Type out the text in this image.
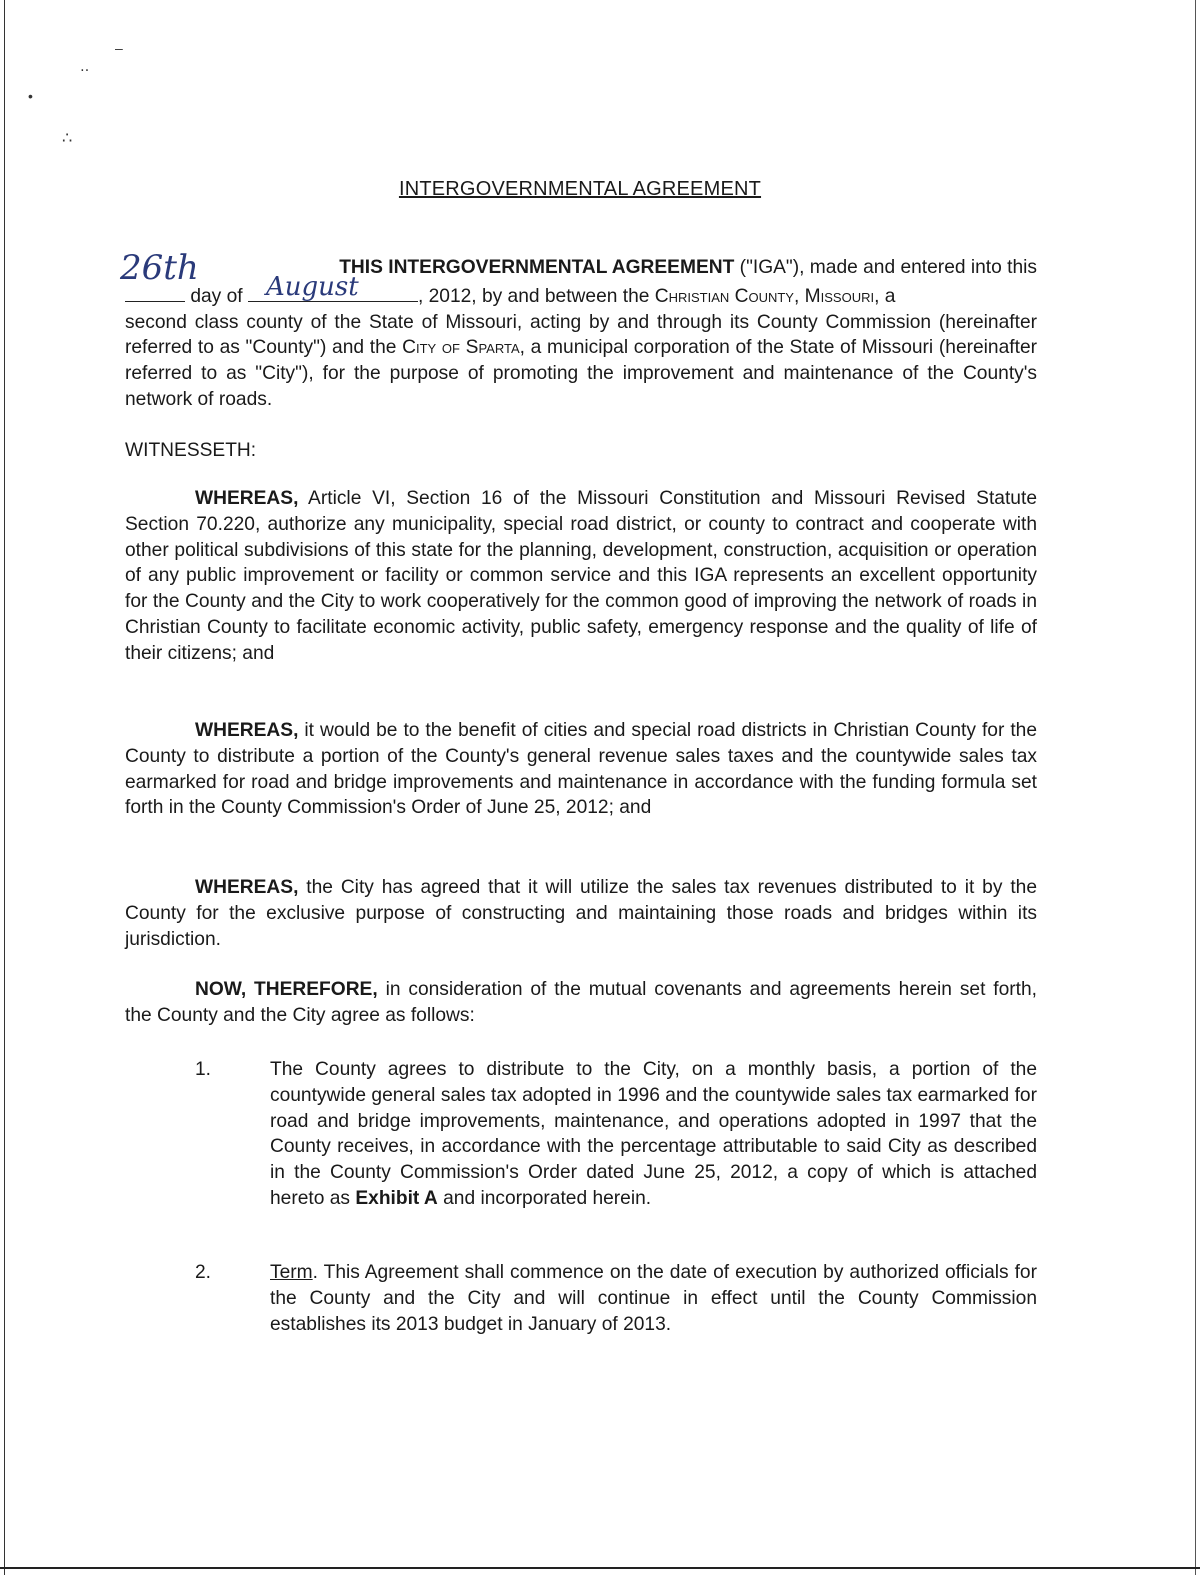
․․
–
•
∴
INTERGOVERNMENTAL AGREEMENT
26th	THIS INTERGOVERNMENTAL AGREEMENT ("IGA"), made and entered into this

day of August	, 2012, by and between the Christian County, Missouri, a

second class county of the State of Missouri, acting by and through its County Commission (hereinafter referred to as "County") and the City of Sparta, a municipal corporation of the State of Missouri (hereinafter referred to as "City"), for the purpose of promoting the improvement and maintenance of the County's network of roads.

WITNESSETH:

WHEREAS, Article VI, Section 16 of the Missouri Constitution and Missouri Revised Statute Section 70.220, authorize any municipality, special road district, or county to contract and cooperate with other political subdivisions of this state for the planning, development, construction, acquisition or operation of any public improvement or facility or common service and this IGA represents an excellent opportunity for the County and the City to work cooperatively for the common good of improving the network of roads in Christian County to facilitate economic activity, public safety, emergency response and the quality of life of their citizens; and

WHEREAS, it would be to the benefit of cities and special road districts in Christian County for the County to distribute a portion of the County's general revenue sales taxes and the countywide sales tax earmarked for road and bridge improvements and maintenance in accordance with the funding formula set forth in the County Commission's Order of June 25, 2012; and

WHEREAS, the City has agreed that it will utilize the sales tax revenues distributed to it by the County for the exclusive purpose of constructing and maintaining those roads and bridges within its jurisdiction.

NOW, THEREFORE, in consideration of the mutual covenants and agreements herein set forth, the County and the City agree as follows:

1.	The County agrees to distribute to the City, on a monthly basis, a portion of the countywide general sales tax adopted in 1996 and the countywide sales tax earmarked for road and bridge improvements, maintenance, and operations adopted in 1997 that the County receives, in accordance with the percentage attributable to said City as described in the County Commission's Order dated June 25, 2012, a copy of which is attached hereto as Exhibit A and incorporated herein.
2.	Term. This Agreement shall commence on the date of execution by authorized officials for the County and the City and will continue in effect until the County Commission establishes its 2013 budget in January of 2013.
